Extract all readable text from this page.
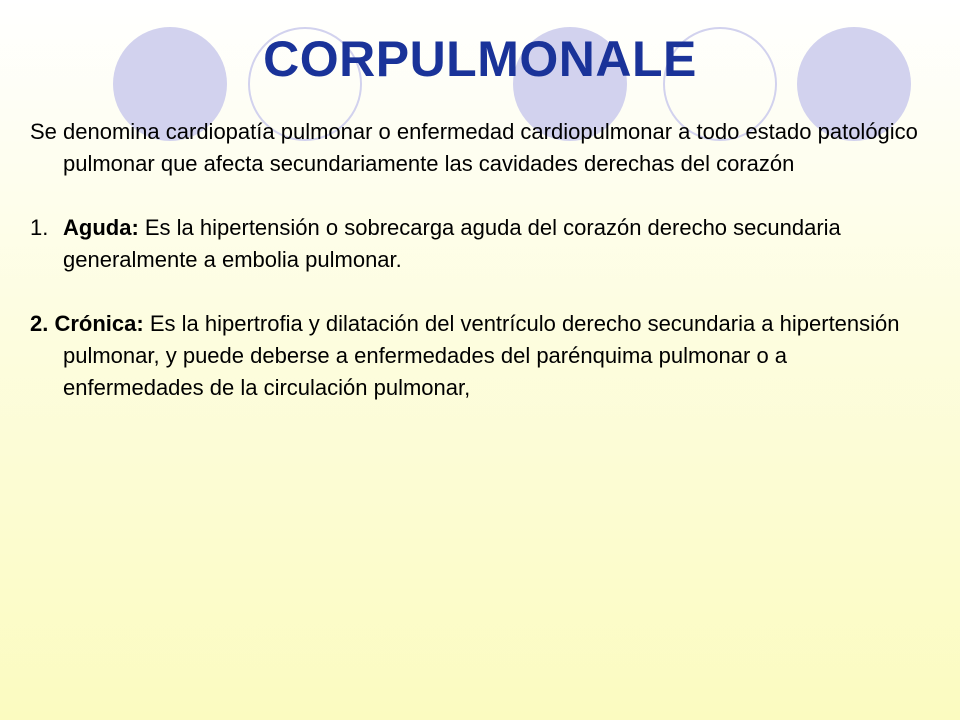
CORPULMONALE

Se denomina cardiopatía pulmonar o enfermedad cardiopulmonar a todo estado patológico pulmonar que afecta secundariamente las cavidades derechas del corazón

1. Aguda: Es la hipertensión o sobrecarga aguda del corazón derecho secundaria generalmente a embolia pulmonar.

2. Crónica: Es la hipertrofia y dilatación del ventrículo derecho secundaria a hipertensión pulmonar, y puede deberse a enfermedades del parénquima pulmonar o a enfermedades de la circulación pulmonar,
